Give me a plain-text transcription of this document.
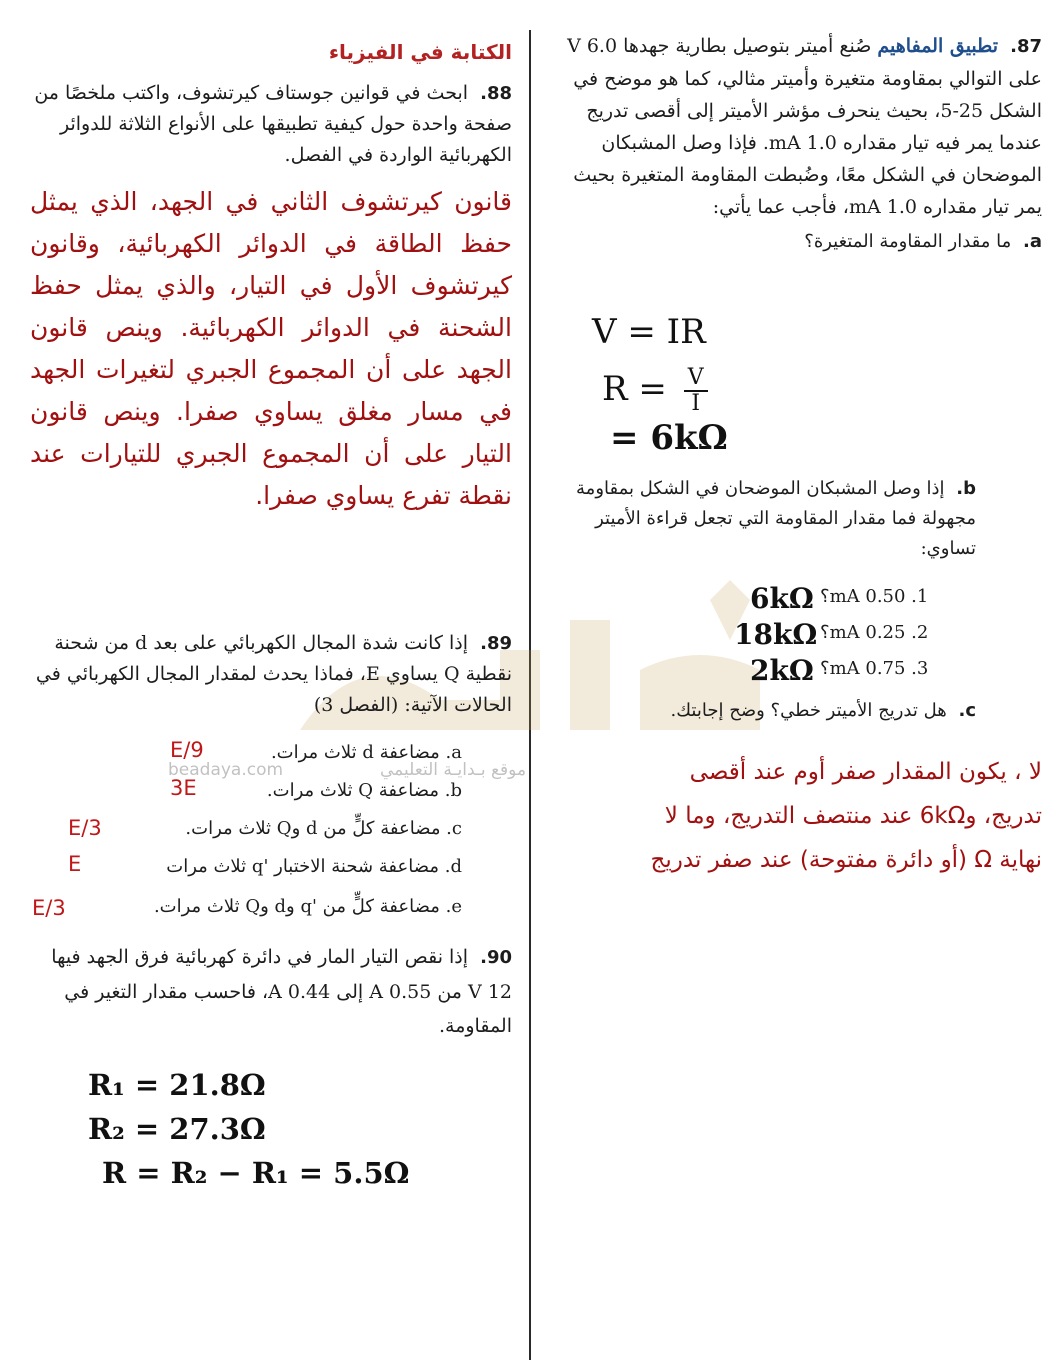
beadaya.com	موقع بـدايـة التعليمي

87. تطبيق المفاهيم صُنع أميتر بتوصيل بطارية جهدها 6.0 V على التوالي بمقاومة متغيرة وأميتر مثالي، كما هو موضح في الشكل 25-5، بحيث ينحرف مؤشر الأميتر إلى أقصى تدريج عندما يمر فيه تيار مقداره 1.0 mA. فإذا وصل المشبكان الموضحان في الشكل معًا، وضُبطت المقاومة المتغيرة بحيث يمر تيار مقداره 1.0 mA، فأجب عما يأتي:

a. ما مقدار المقاومة المتغيرة؟

V = IR
$R = \frac{V}{I}$
= 6kΩ

b. إذا وصل المشبكان الموضحان في الشكل بمقاومة مجهولة فما مقدار المقاومة التي تجعل قراءة الأميتر تساوي:

1. 0.50 mA؟
6kΩ
2. 0.25 mA؟
18kΩ
3. 0.75 mA؟
2kΩ

c. هل تدريج الأميتر خطي؟ وضح إجابتك.

لا ، يكون المقدار صفر أوم عند أقصى

تدريج، و6kΩ عند منتصف التدريج، وما لا

نهاية Ω (أو دائرة مفتوحة) عند صفر تدريج

الكتابة في الفيزياء

88. ابحث في قوانين جوستاف كيرتشوف، واكتب ملخصًا من صفحة واحدة حول كيفية تطبيقها على الأنواع الثلاثة للدوائر الكهربائية الواردة في الفصل.

قانون كيرتشوف الثاني في الجهد، الذي يمثل حفظ الطاقة في الدوائر الكهربائية، وقانون كيرتشوف الأول في التيار، والذي يمثل حفظ الشحنة في الدوائر الكهربائية. وينص قانون الجهد على أن المجموع الجبري لتغيرات الجهد في مسار مغلق يساوي صفرا. وينص قانون التيار على أن المجموع الجبري للتيارات عند نقطة تفرع يساوي صفرا.

89. إذا كانت شدة المجال الكهربائي على بعد d من شحنة نقطية Q يساوي E، فماذا يحدث لمقدار المجال الكهربائي في الحالات الآتية: (الفصل 3)

a. مضاعفة d ثلاث مرات.
E/9
b. مضاعفة Q ثلاث مرات.
3E
c. مضاعفة كلٍّ من d وQ ثلاث مرات.
E/3
d. مضاعفة شحنة الاختبار 'q ثلاث مرات
E
e. مضاعفة كلٍّ من 'q وd وQ ثلاث مرات.
E/3

90. إذا نقص التيار المار في دائرة كهربائية فرق الجهد فيها 12 V من 0.55 A إلى 0.44 A، فاحسب مقدار التغير في المقاومة.

R₁ = 21.8Ω
R₂ = 27.3Ω
R = R₂ − R₁ = 5.5Ω
